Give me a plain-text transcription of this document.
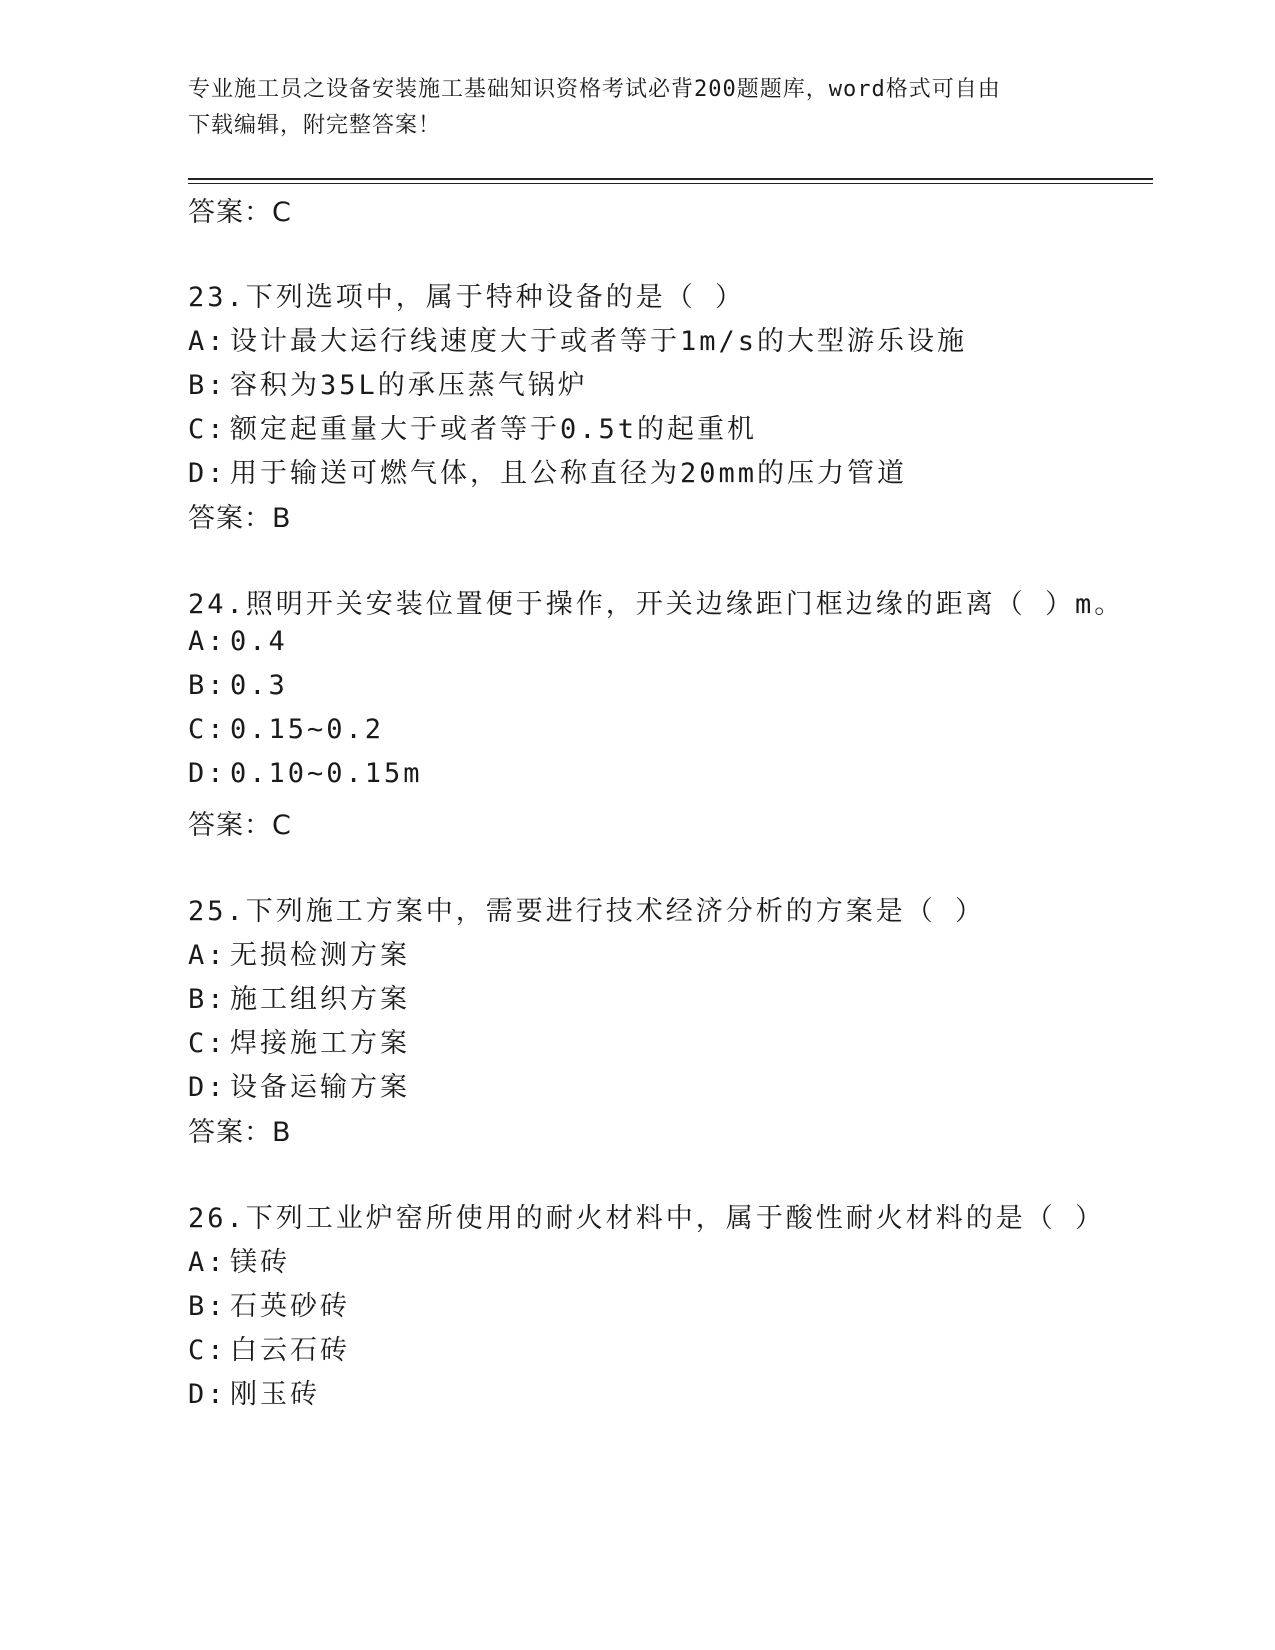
专业施工员之设备安装施工基础知识资格考试必背200题题库，word格式可自由
下载编辑，附完整答案！
答案：C
23.下列选项中，属于特种设备的是（ ）
A: 设计最大运行线速度大于或者等于1m/s的大型游乐设施
B: 容积为35L的承压蒸气锅炉
C: 额定起重量大于或者等于0.5t的起重机
D: 用于输送可燃气体，且公称直径为20mm的压力管道
答案：B
24.照明开关安装位置便于操作，开关边缘距门框边缘的距离（ ）m。
A: 0.4
B: 0.3
C: 0.15~0.2
D: 0.10~0.15m
答案：C
25.下列施工方案中，需要进行技术经济分析的方案是（ ）
A: 无损检测方案
B: 施工组织方案
C: 焊接施工方案
D: 设备运输方案
答案：B
26.下列工业炉窑所使用的耐火材料中，属于酸性耐火材料的是（ ）
A: 镁砖
B: 石英砂砖
C: 白云石砖
D: 刚玉砖
